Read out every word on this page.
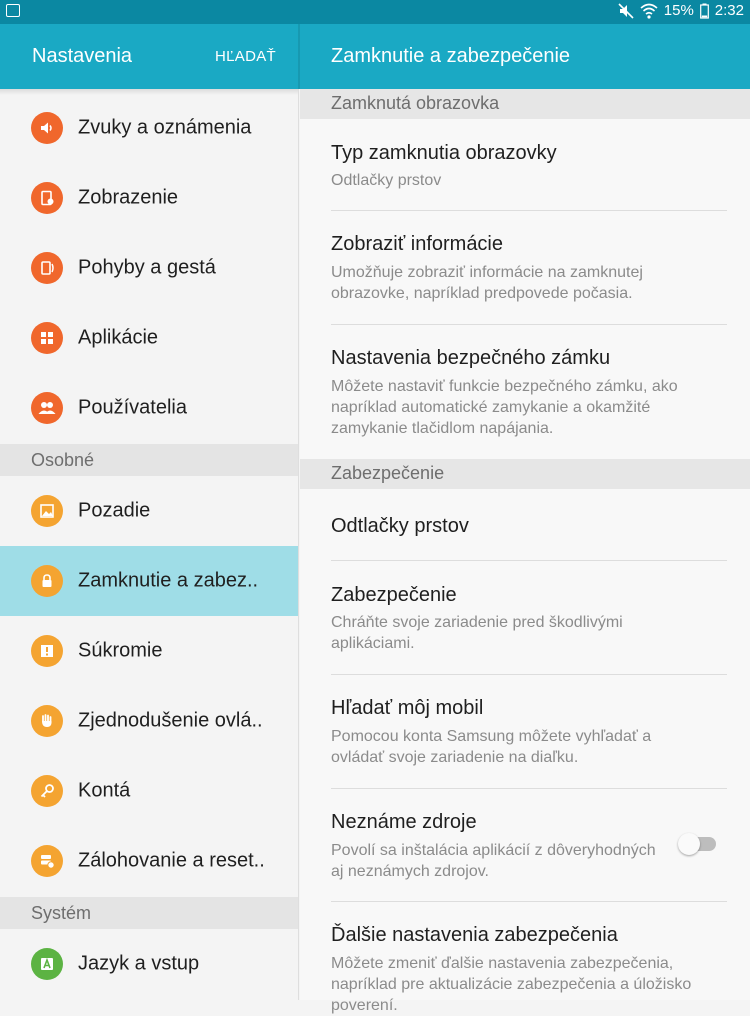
15% 2:32
Nastavenia	HĽADAŤ	Zamknutie a zabezpečenie
Zvuky a oznámenia
Zobrazenie
Pohyby a gestá
Aplikácie
Používatelia
Osobné
Pozadie
Zamknutie a zabez..
Súkromie
Zjednodušenie ovlá..
Kontá
Zálohovanie a reset..
Systém
Jazyk a vstup
Zamknutá obrazovka
Typ zamknutia obrazovky
Odtlačky prstov
Zobraziť informácie
Umožňuje zobraziť informácie na zamknutej obrazovke, napríklad predpovede počasia.
Nastavenia bezpečného zámku
Môžete nastaviť funkcie bezpečného zámku, ako napríklad automatické zamykanie a okamžité zamykanie tlačidlom napájania.
Zabezpečenie
Odtlačky prstov
Zabezpečenie
Chráňte svoje zariadenie pred škodlivými aplikáciami.
Hľadať môj mobil
Pomocou konta Samsung môžete vyhľadať a ovládať svoje zariadenie na diaľku.
Neznáme zdroje
Povolí sa inštalácia aplikácií z dôveryhodných aj neznámych zdrojov.
Ďalšie nastavenia zabezpečenia
Môžete zmeniť ďalšie nastavenia zabezpečenia, napríklad pre aktualizácie zabezpečenia a úložisko poverení.
